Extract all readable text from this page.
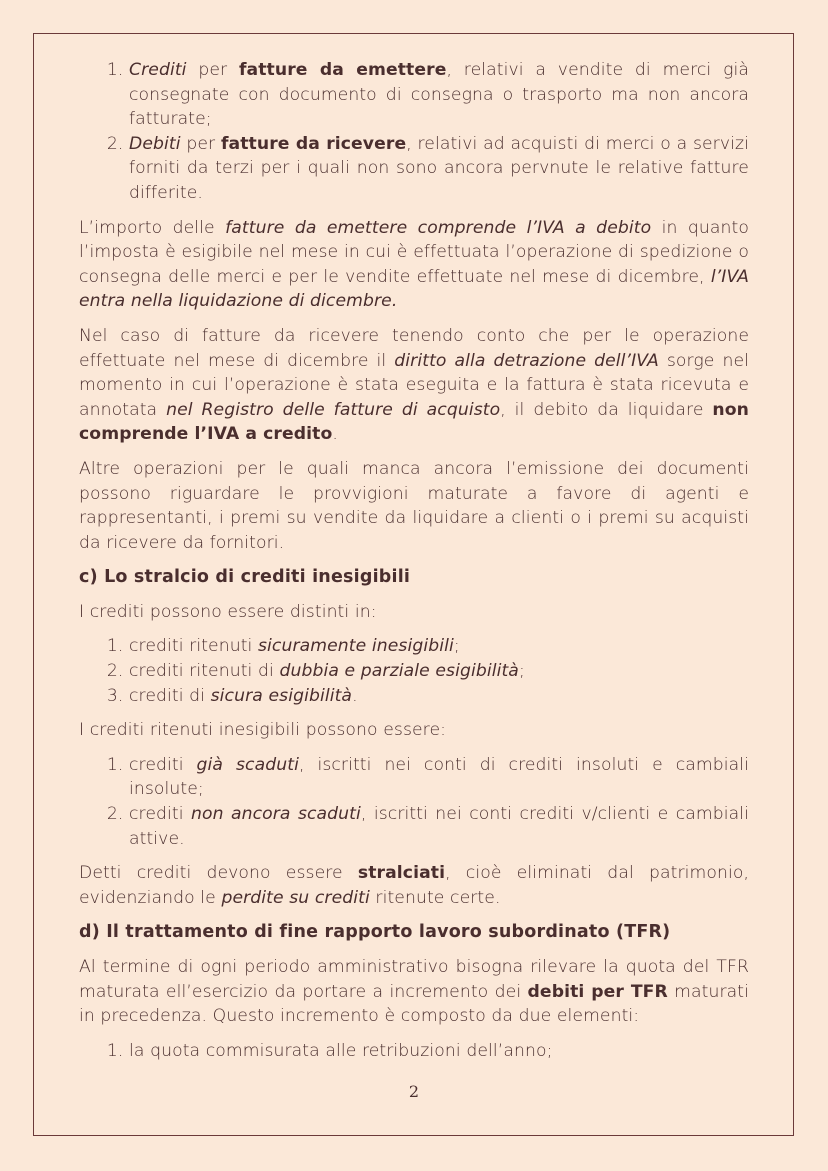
1. Crediti per fatture da emettere, relativi a vendite di merci già consegnate con documento di consegna o trasporto ma non ancora fatturate;
2. Debiti per fatture da ricevere, relativi ad acquisti di merci o a servizi forniti da terzi per i quali non sono ancora pervnute le relative fatture differite.

L’importo delle fatture da emettere comprende l’IVA a debito in quanto l’imposta è esigibile nel mese in cui è effettuata l’operazione di spedizione o consegna delle merci e per le vendite effettuate nel mese di dicembre, l’IVA entra nella liquidazione di dicembre.

Nel caso di fatture da ricevere tenendo conto che per le operazione effettuate nel mese di dicembre il diritto alla detrazione dell’IVA sorge nel momento in cui l’operazione è stata eseguita e la fattura è stata ricevuta e annotata nel Registro delle fatture di acquisto, il debito da liquidare non comprende l’IVA a credito.

Altre operazioni per le quali manca ancora l’emissione dei documenti possono riguardare le provvigioni maturate a favore di agenti e rappresentanti, i premi su vendite da liquidare a clienti o i premi su acquisti da ricevere da fornitori.

c) Lo stralcio di crediti inesigibili

I crediti possono essere distinti in:

1. crediti ritenuti sicuramente inesigibili;
2. crediti ritenuti di dubbia e parziale esigibilità;
3. crediti di sicura esigibilità.

I crediti ritenuti inesigibili possono essere:

1. crediti già scaduti, iscritti nei conti di crediti insoluti e cambiali insolute;
2. crediti non ancora scaduti, iscritti nei conti crediti v/clienti e cambiali attive.

Detti crediti devono essere stralciati, cioè eliminati dal patrimonio, evidenziando le perdite su crediti ritenute certe.

d) Il trattamento di fine rapporto lavoro subordinato (TFR)

Al termine di ogni periodo amministrativo bisogna rilevare la quota del TFR maturata ell’esercizio da portare a incremento dei debiti per TFR maturati in precedenza. Questo incremento è composto da due elementi:

1. la quota commisurata alle retribuzioni dell’anno;
2
